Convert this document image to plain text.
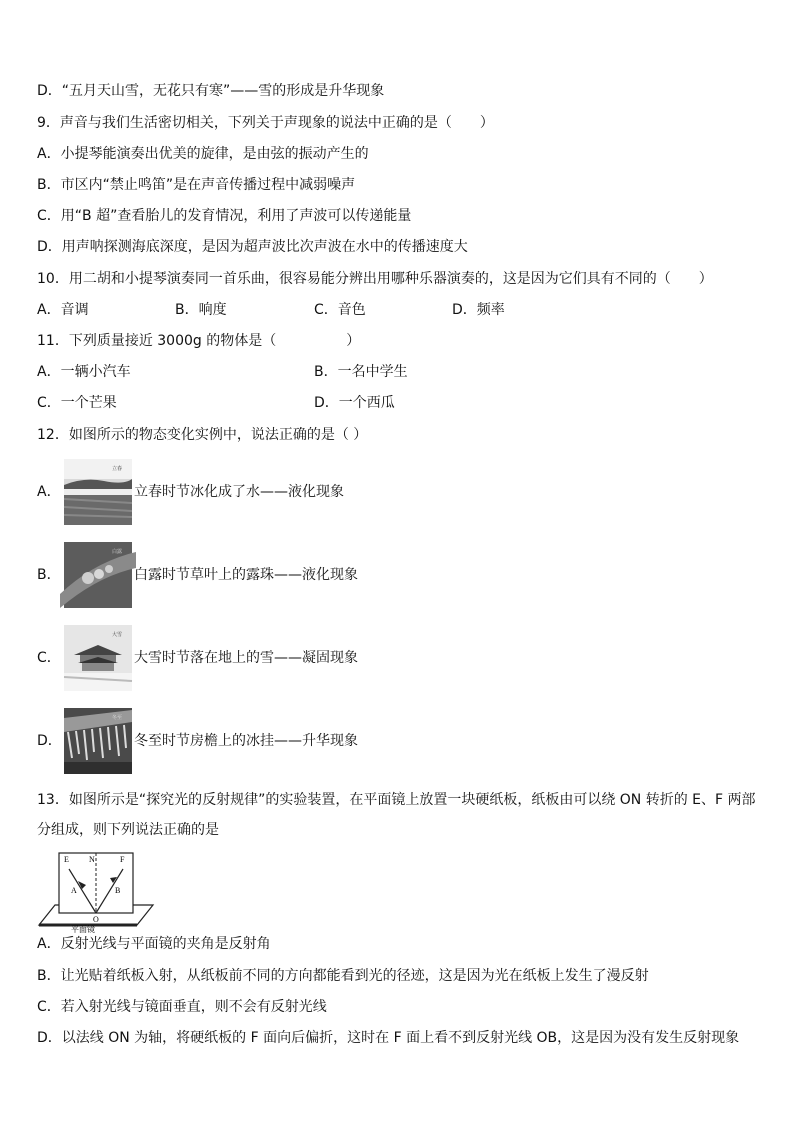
D．“五月天山雪，无花只有寒”——雪的形成是升华现象
9．声音与我们生活密切相关，下列关于声现象的说法中正确的是（　　）
A．小提琴能演奏出优美的旋律，是由弦的振动产生的
B．市区内“禁止鸣笛”是在声音传播过程中减弱噪声
C．用“B 超”查看胎儿的发育情况，利用了声波可以传递能量
D．用声呐探测海底深度，是因为超声波比次声波在水中的传播速度大
10．用二胡和小提琴演奏同一首乐曲，很容易能分辨出用哪种乐器演奏的，这是因为它们具有不同的（　　）
A．音调	B．响度	C．音色	D．频率
11．下列质量接近 3000g 的物体是（　　　　　）
A．一辆小汽车	B．一名中学生
C．一个芒果	D．一个西瓜
12．如图所示的物态变化实例中，说法正确的是（ ）
A．
立春
立春时节冰化成了水——液化现象
B．
白露
白露时节草叶上的露珠——液化现象
C．
大雪
大雪时节落在地上的雪——凝固现象
D．
冬至
冬至时节房檐上的冰挂——升华现象
13．如图所示是“探究光的反射规律”的实验装置，在平面镜上放置一块硬纸板，纸板由可以绕 ON 转折的 E、F 两部
分组成，则下列说法正确的是
E	N	F
A	B
O
平面镜
A．反射光线与平面镜的夹角是反射角
B．让光贴着纸板入射，从纸板前不同的方向都能看到光的径迹，这是因为光在纸板上发生了漫反射
C．若入射光线与镜面垂直，则不会有反射光线
D．以法线 ON 为轴，将硬纸板的 F 面向后偏折，这时在 F 面上看不到反射光线 OB，这是因为没有发生反射现象
